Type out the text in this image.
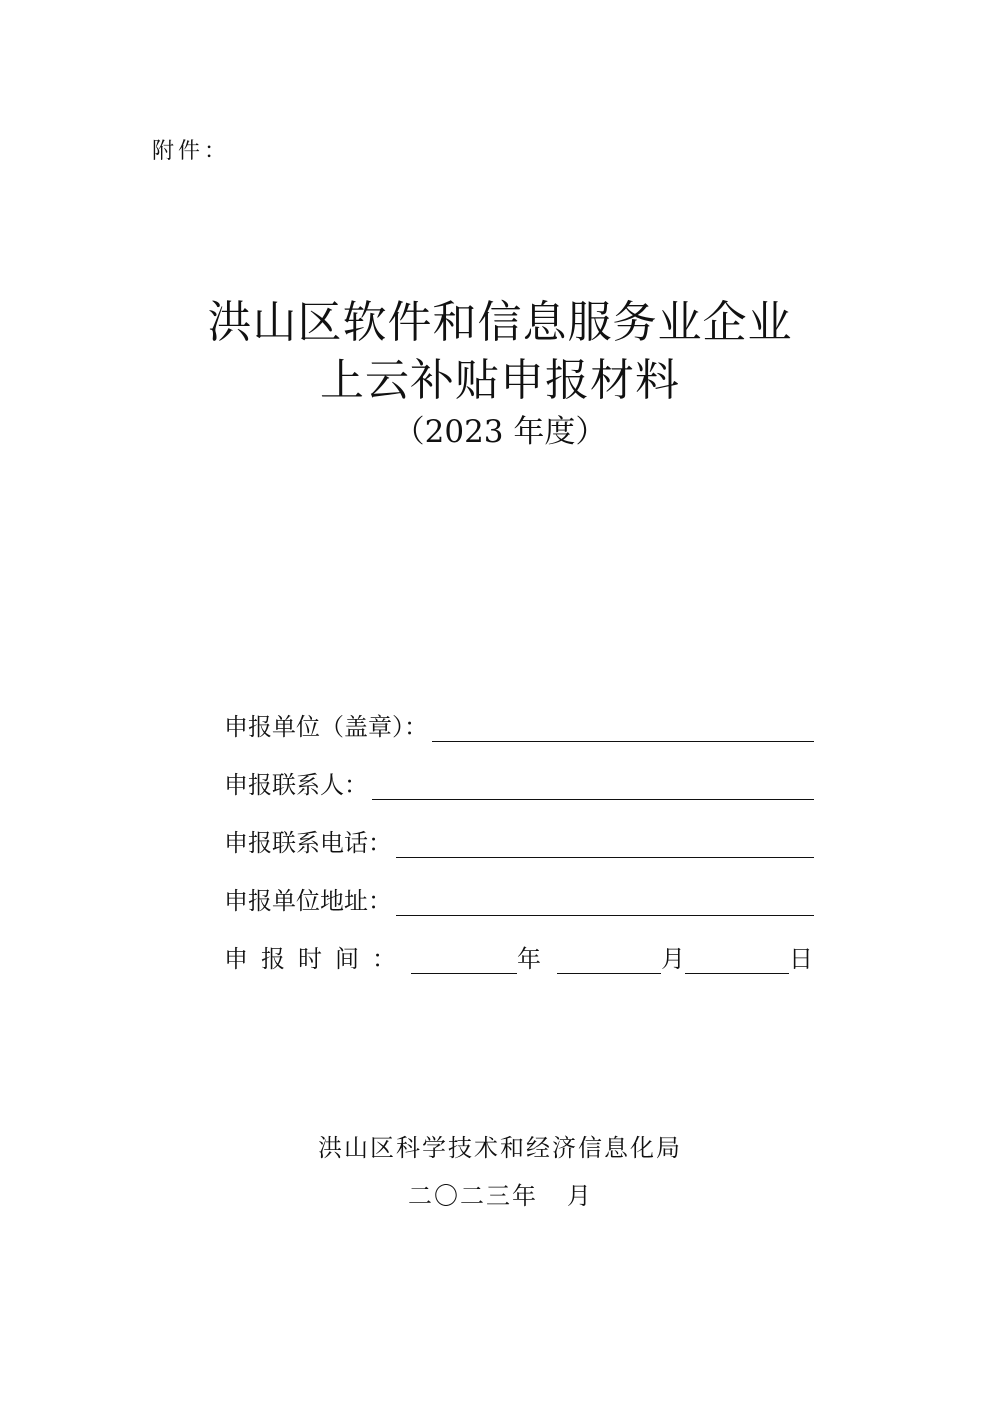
附件：
洪山区软件和信息服务业企业
上云补贴申报材料
（2023 年度）
申报单位（盖章）：
申报联系人：
申报联系电话：
申报单位地址：
申报时间：	年	月	日
洪山区科学技术和经济信息化局
二〇二三年   月
